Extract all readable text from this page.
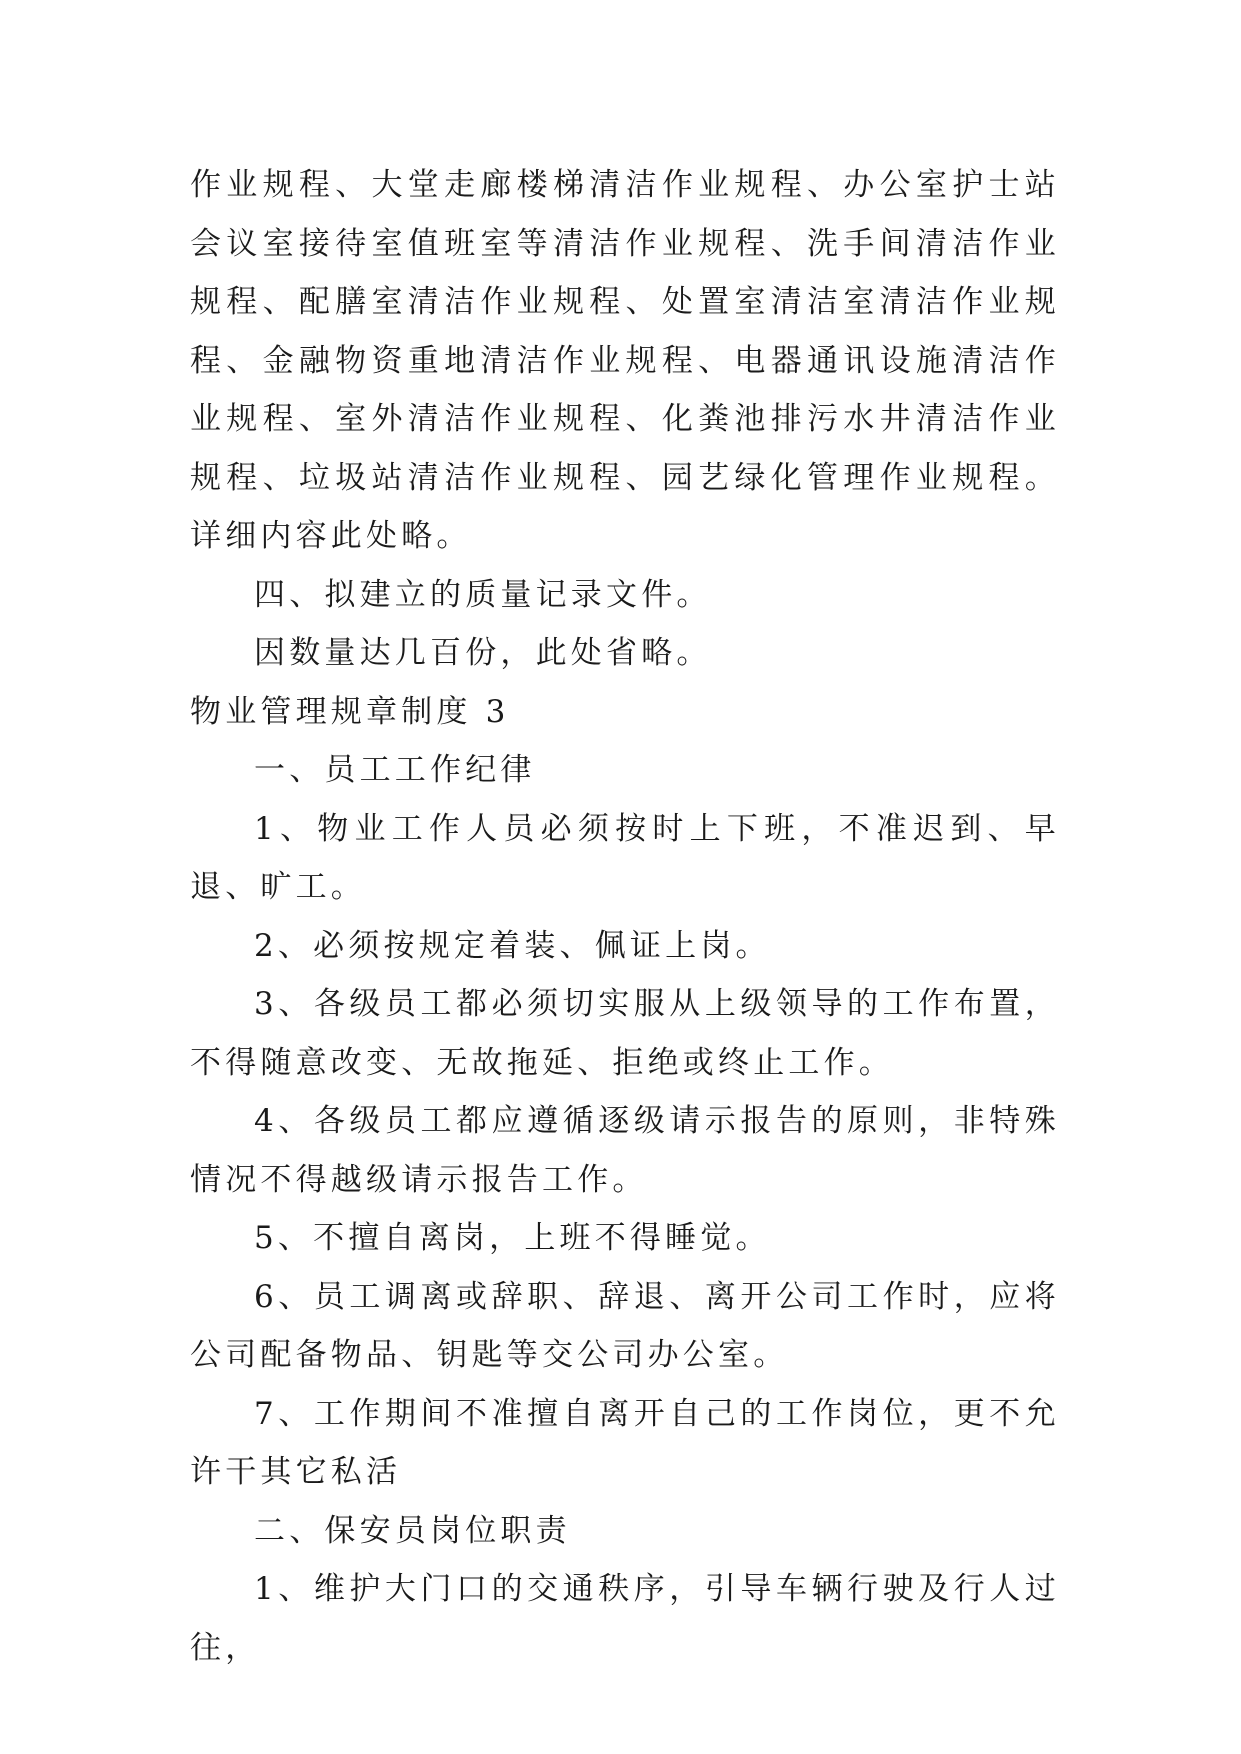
作业规程、大堂走廊楼梯清洁作业规程、办公室护士站会议室接待室值班室等清洁作业规程、洗手间清洁作业规程、配膳室清洁作业规程、处置室清洁室清洁作业规程、金融物资重地清洁作业规程、电器通讯设施清洁作业规程、室外清洁作业规程、化粪池排污水井清洁作业规程、垃圾站清洁作业规程、园艺绿化管理作业规程。详细内容此处略。

四、拟建立的质量记录文件。

因数量达几百份，此处省略。

物业管理规章制度 3

一、员工工作纪律

1、物业工作人员必须按时上下班，不准迟到、早退、旷工。

2、必须按规定着装、佩证上岗。

3、各级员工都必须切实服从上级领导的工作布置，不得随意改变、无故拖延、拒绝或终止工作。

4、各级员工都应遵循逐级请示报告的原则，非特殊情况不得越级请示报告工作。

5、不擅自离岗，上班不得睡觉。

6、员工调离或辞职、辞退、离开公司工作时，应将公司配备物品、钥匙等交公司办公室。

7、工作期间不准擅自离开自己的工作岗位，更不允许干其它私活

二、保安员岗位职责

1、维护大门口的交通秩序，引导车辆行驶及行人过往，
